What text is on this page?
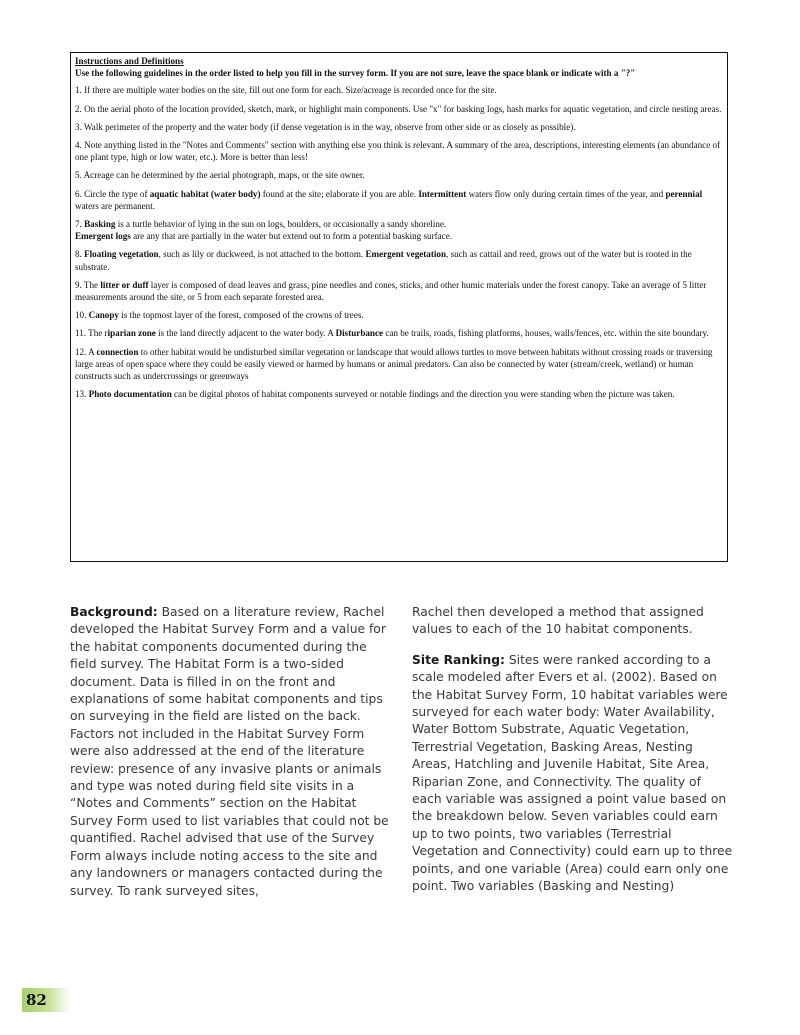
Instructions and Definitions
Use the following guidelines in the order listed to help you fill in the survey form. If you are not sure, leave the space blank or indicate with a "?"
1. If there are multiple water bodies on the site, fill out one form for each. Size/acreage is recorded once for the site.
2. On the aerial photo of the location provided, sketch, mark, or highlight main components. Use "x" for basking logs, hash marks for aquatic vegetation, and circle nesting areas.
3. Walk perimeter of the property and the water body (if dense vegetation is in the way, observe from other side or as closely as possible).
4. Note anything listed in the "Notes and Comments" section with anything else you think is relevant. A summary of the area, descriptions, interesting elements (an abundance of one plant type, high or low water, etc.). More is better than less!
5. Acreage can be determined by the aerial photograph, maps, or the site owner.
6. Circle the type of aquatic habitat (water body) found at the site; elaborate if you are able. Intermittent waters flow only during certain times of the year, and perennial waters are permanent.
7. Basking is a turtle behavior of lying in the sun on logs, boulders, or occasionally a sandy shoreline.
Emergent logs are any that are partially in the water but extend out to form a potential basking surface.
8. Floating vegetation, such as lily or duckweed, is not attached to the bottom. Emergent vegetation, such as cattail and reed, grows out of the water but is rooted in the substrate.
9. The litter or duff layer is composed of dead leaves and grass, pine needles and cones, sticks, and other humic materials under the forest canopy. Take an average of 5 litter measurements around the site, or 5 from each separate forested area.
10. Canopy is the topmost layer of the forest, composed of the crowns of trees.
11. The riparian zone is the land directly adjacent to the water body. A Disturbance can be trails, roads, fishing platforms, houses, walls/fences, etc. within the site boundary.
12. A connection to other habitat would be undisturbed similar vegetation or landscape that would allows turtles to move between habitats without crossing roads or traversing large areas of open space where they could be easily viewed or harmed by humans or animal predators. Can also be connected by water (stream/creek, wetland) or human constructs such as undercrossings or greenways
13. Photo documentation can be digital photos of habitat components surveyed or notable findings and the direction you were standing when the picture was taken.

Background: Based on a literature review, Rachel developed the Habitat Survey Form and a value for the habitat components documented during the field survey. The Habitat Form is a two-sided document. Data is filled in on the front and explanations of some habitat components and tips on surveying in the field are listed on the back. Factors not included in the Habitat Survey Form were also addressed at the end of the literature review: presence of any invasive plants or animals and type was noted during field site visits in a “Notes and Comments” section on the Habitat Survey Form used to list variables that could not be quantified. Rachel advised that use of the Survey Form always include noting access to the site and any landowners or managers contacted during the survey. To rank surveyed sites,

Rachel then developed a method that assigned values to each of the 10 habitat components.

Site Ranking: Sites were ranked according to a scale modeled after Evers et al. (2002). Based on the Habitat Survey Form, 10 habitat variables were surveyed for each water body: Water Availability, Water Bottom Substrate, Aquatic Vegetation, Terrestrial Vegetation, Basking Areas, Nesting Areas, Hatchling and Juvenile Habitat, Site Area, Riparian Zone, and Connectivity. The quality of each variable was assigned a point value based on the breakdown below. Seven variables could earn up to two points, two variables (Terrestrial Vegetation and Connectivity) could earn up to three points, and one variable (Area) could earn only one point. Two variables (Basking and Nesting)

82
